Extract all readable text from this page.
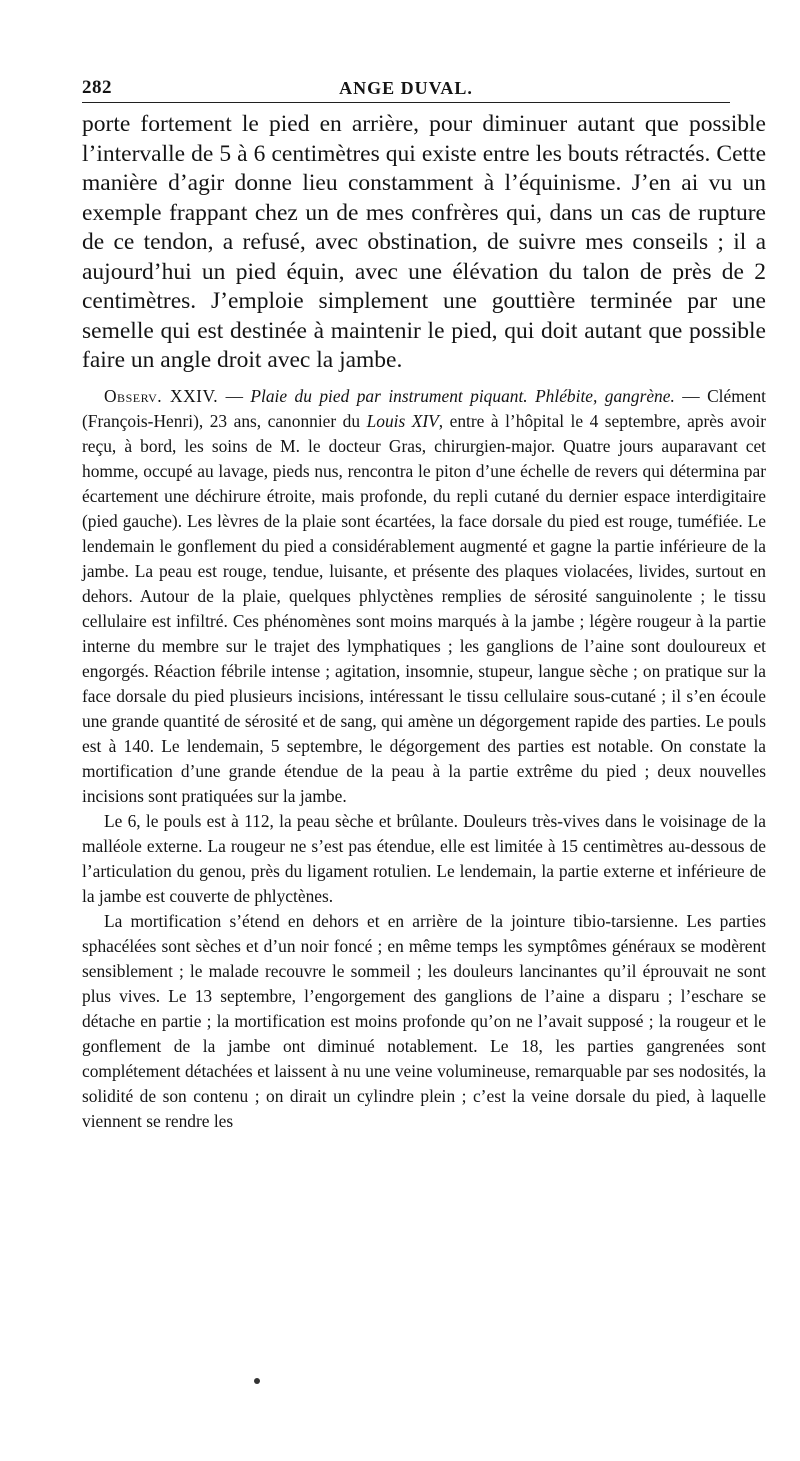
282	ANGE DUVAL.

porte fortement le pied en arrière, pour diminuer autant que possible l’intervalle de 5 à 6 centimètres qui existe entre les bouts rétractés. Cette manière d’agir donne lieu constamment à l’équinisme. J’en ai vu un exemple frappant chez un de mes confrères qui, dans un cas de rupture de ce tendon, a refusé, avec obstination, de suivre mes conseils ; il a aujourd’hui un pied équin, avec une élévation du talon de près de 2 centimètres. J’emploie simplement une gouttière terminée par une semelle qui est destinée à maintenir le pied, qui doit autant que possible faire un angle droit avec la jambe.

Observ. XXIV. — Plaie du pied par instrument piquant. Phlébite, gangrène. — Clément (François-Henri), 23 ans, canonnier du Louis XIV, entre à l’hôpital le 4 septembre, après avoir reçu, à bord, les soins de M. le docteur Gras, chirurgien-major. Quatre jours auparavant cet homme, occupé au lavage, pieds nus, rencontra le piton d’une échelle de revers qui détermina par écartement une déchirure étroite, mais profonde, du repli cutané du dernier espace interdigitaire (pied gauche). Les lèvres de la plaie sont écartées, la face dorsale du pied est rouge, tuméfiée. Le lendemain le gonflement du pied a considérablement augmenté et gagne la partie inférieure de la jambe. La peau est rouge, tendue, luisante, et présente des plaques violacées, livides, surtout en dehors. Autour de la plaie, quelques phlyctènes remplies de sérosité sanguinolente ; le tissu cellulaire est infiltré. Ces phénomènes sont moins marqués à la jambe ; légère rougeur à la partie interne du membre sur le trajet des lymphatiques ; les ganglions de l’aine sont douloureux et engorgés. Réaction fébrile intense ; agitation, insomnie, stupeur, langue sèche ; on pratique sur la face dorsale du pied plusieurs incisions, intéressant le tissu cellulaire sous-cutané ; il s’en écoule une grande quantité de sérosité et de sang, qui amène un dégorgement rapide des parties. Le pouls est à 140. Le lendemain, 5 septembre, le dégorgement des parties est notable. On constate la mortification d’une grande étendue de la peau à la partie extrême du pied ; deux nouvelles incisions sont pratiquées sur la jambe.

Le 6, le pouls est à 112, la peau sèche et brûlante. Douleurs très-vives dans le voisinage de la malléole externe. La rougeur ne s’est pas étendue, elle est limitée à 15 centimètres au-dessous de l’articulation du genou, près du ligament rotulien. Le lendemain, la partie externe et inférieure de la jambe est couverte de phlyctènes.

La mortification s’étend en dehors et en arrière de la jointure tibio-tarsienne. Les parties sphacélées sont sèches et d’un noir foncé ; en même temps les symptômes généraux se modèrent sensiblement ; le malade recouvre le sommeil ; les douleurs lancinantes qu’il éprouvait ne sont plus vives. Le 13 septembre, l’engorgement des ganglions de l’aine a disparu ; l’eschare se détache en partie ; la mortification est moins profonde qu’on ne l’avait supposé ; la rougeur et le gonflement de la jambe ont diminué notablement. Le 18, les parties gangrenées sont complétement détachées et laissent à nu une veine volumineuse, remarquable par ses nodosités, la solidité de son contenu ; on dirait un cylindre plein ; c’est la veine dorsale du pied, à laquelle viennent se rendre les
